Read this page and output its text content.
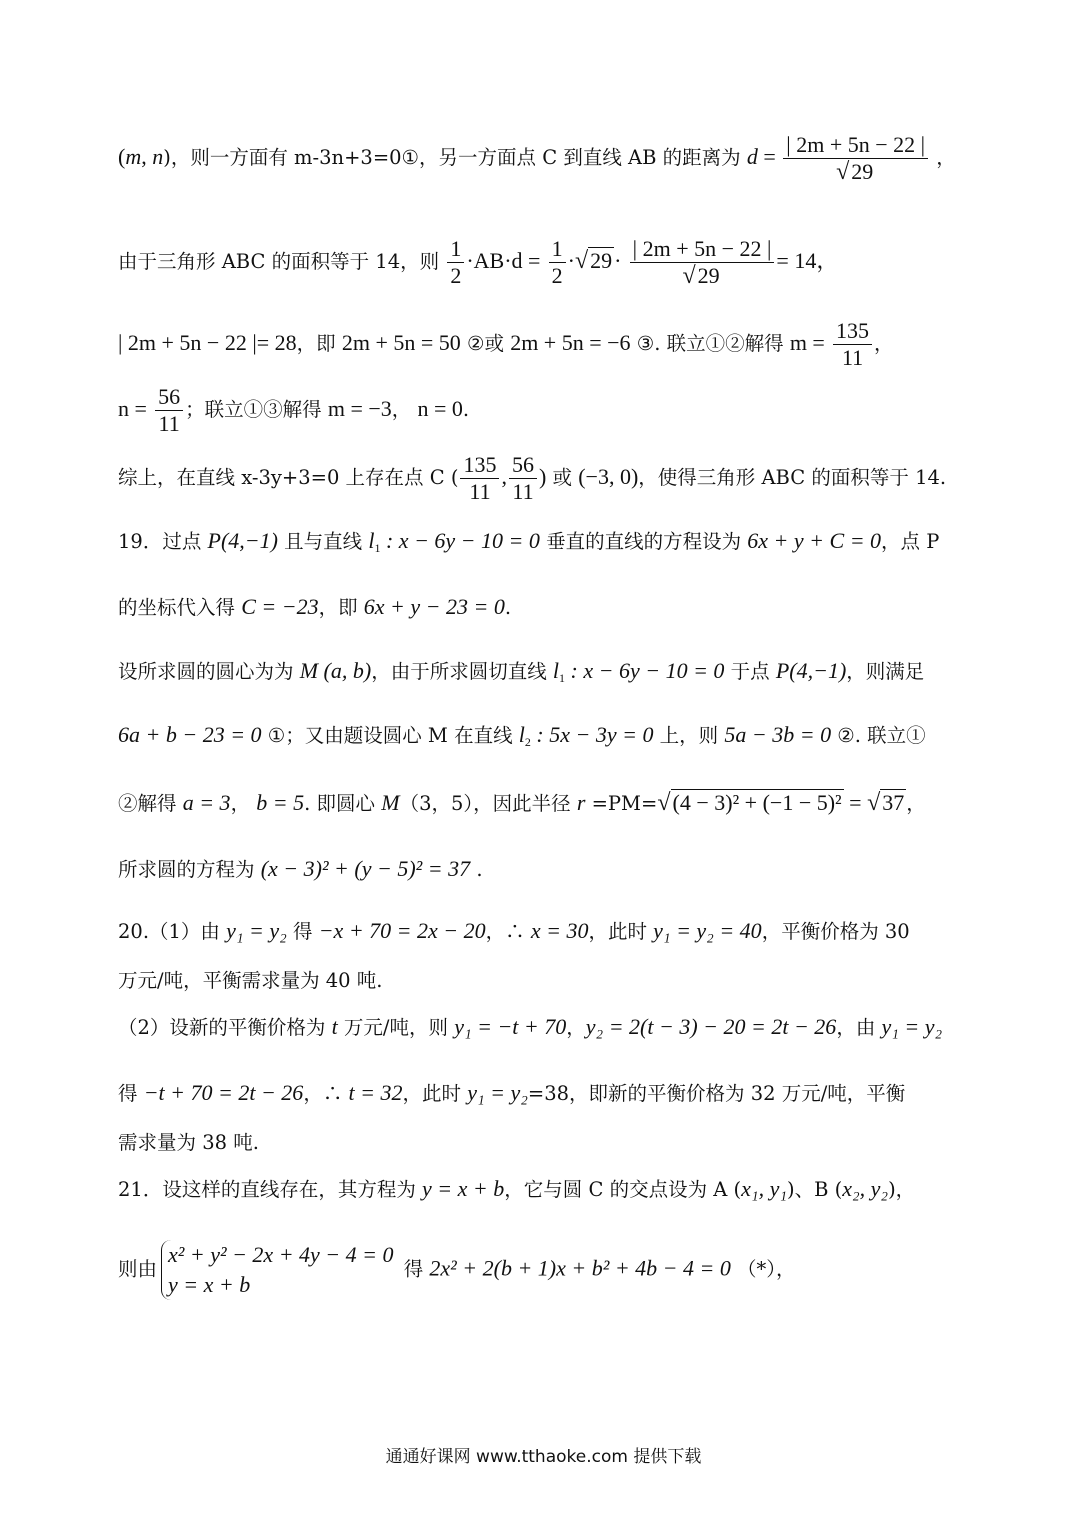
(m, n)，则一方面有 m-3n+3=0①，另一方面点 C 到直线 AB 的距离为 $d = \frac{| 2m + 5n - 22 |}{√29}$ ，
由于三角形 ABC 的面积等于 14，则 $\frac{1}{2} \cdot AB\cdot d = \frac{1}{2} \cdot√29\cdot \frac{| 2m + 5n - 22 |}{√29} = 14$，
| 2m + 5n − 22 |= 28，即 2m + 5n = 50 ②或 2m + 5n = −6 ③. 联立①②解得 $m = \frac{135}{11}$ ，
$n = \frac{56}{11}$ ；联立①③解得 m = −3， n = 0.
综上，在直线 x-3y+3=0 上存在点 C ( $\frac{135}{11}$ , $\frac{56}{11}$ ) 或 (−3, 0)，使得三角形 ABC 的面积等于 14.
19．过点 P(4,−1) 且与直线 $l_1$ : x − 6y − 10 = 0 垂直的直线的方程设为 6x + y + C = 0，点 P
的坐标代入得 C = −23，即 6x + y − 23 = 0.
设所求圆的圆心为为 M (a, b)，由于所求圆切直线 $l_1$ : x − 6y − 10 = 0 于点 P(4,−1)，则满足
6a + b − 23 = 0 ①；又由题设圆心 M 在直线 $l_2$ : 5x − 3y = 0 上，则 5a − 3b = 0 ②. 联立①
②解得 a = 3， b = 5. 即圆心 M（3，5），因此半径 r =PM=√(4 − 3)² + (−1 − 5)² = √37 ，
所求圆的方程为 (x − 3)² + (y − 5)² = 37 .
20.（1）由 y₁ = y₂ 得 −x + 70 = 2x − 20，∴ x = 30，此时 y₁ = y₂ = 40，平衡价格为 30
万元/吨，平衡需求量为 40 吨.
（2）设新的平衡价格为 t 万元/吨，则 y₁ = −t + 70，y₂ = 2(t − 3) − 20 = 2t − 26，由 y₁ = y₂
得 −t + 70 = 2t − 26，∴ t = 32，此时 y₁ = y₂=38，即新的平衡价格为 32 万元/吨，平衡
需求量为 38 吨.
21．设这样的直线存在，其方程为 y = x + b，它与圆 C 的交点设为 A (x₁, y₁)、B (x₂, y₂)，
则由
x² + y² − 2x + 4y − 4 = 0
y = x + b
得 2x² + 2(b + 1)x + b² + 4b − 4 = 0 （*），
通通好课网 www.tthaoke.com 提供下载
